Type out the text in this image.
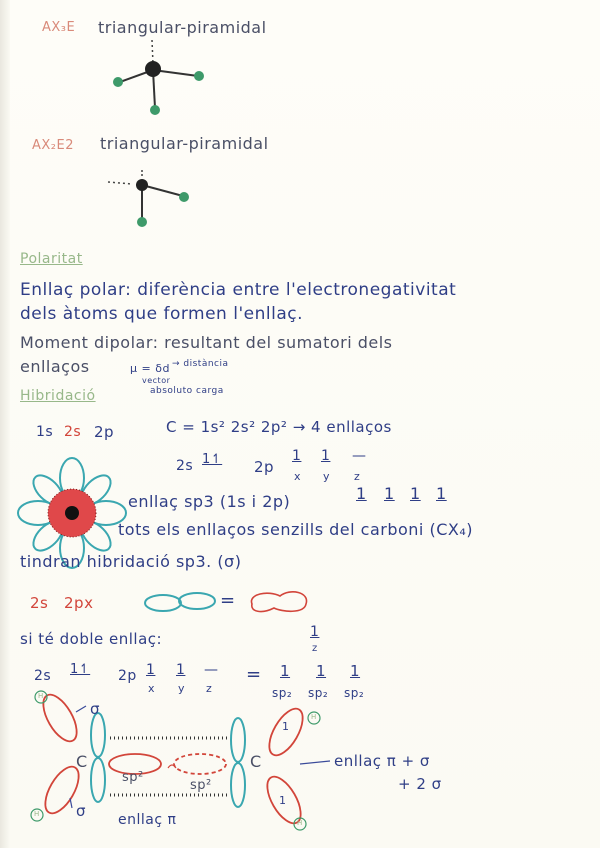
AX₃E triangular-piramidal
AX₂E2 triangular-piramidal
Polaritat
Enllaç polar: diferència entre l'electronegativitat
dels àtoms que formen l'enllaç.
Moment dipolar: resultant del sumatori dels
enllaços	μ = δd → distància
vector
absoluto carga
Hibridació
1s 2s 2p	C = 1s² 2s² 2p² → 4 enllaços
2s 1↿ 2p
1 1 —
x y z
enllaç sp3 (1s i 2p)	1 1 1 1
tots els enllaços senzills del carboni (CX₄)
tindran hibridació sp3. (σ)
2s 2px	=
si té doble enllaç:	1
z
2s 1↿ 2p 1 1 —
x y z
= 1 1 1
sp₂ sp₂ sp₂
σ
σ
C	C
H
H
H
H
sp²
sp²
enllaç π + σ
+ 2 σ
enllaç π
1
1
